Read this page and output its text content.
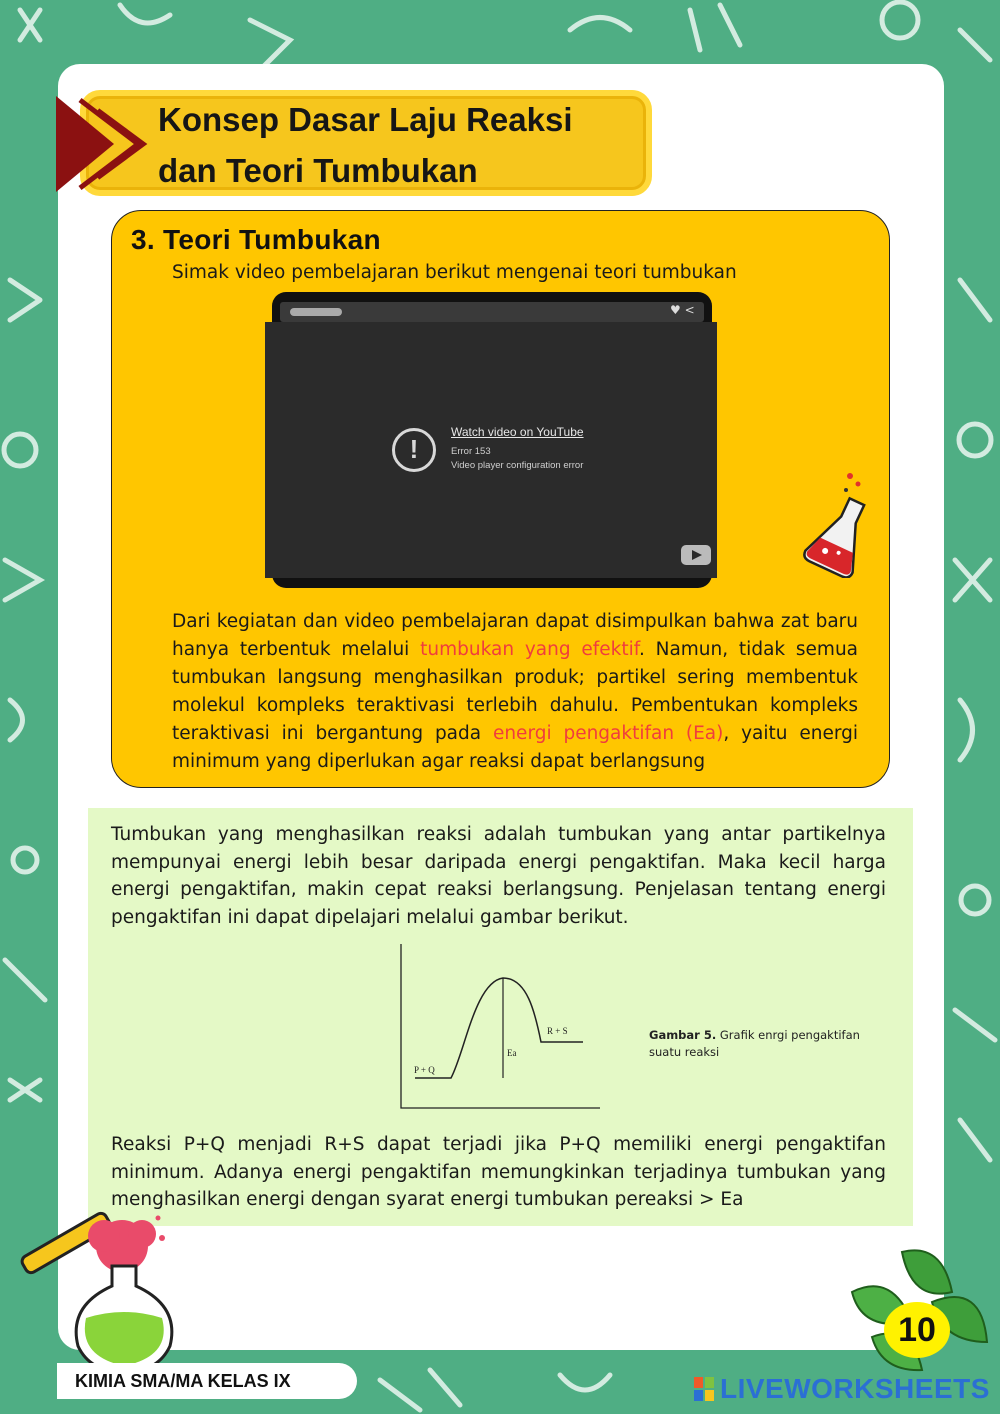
Konsep Dasar Laju Reaksi
dan Teori Tumbukan
3. Teori Tumbukan
Simak video pembelajaran berikut mengenai teori tumbukan
♥ <
!
Watch video on YouTube
Error 153
Video player configuration error
Dari kegiatan dan video pembelajaran dapat disimpulkan bahwa zat baru hanya terbentuk melalui tumbukan yang efektif. Namun, tidak semua tumbukan langsung menghasilkan produk; partikel sering membentuk molekul kompleks teraktivasi terlebih dahulu. Pembentukan kompleks teraktivasi ini bergantung pada energi pengaktifan (Ea), yaitu energi minimum yang diperlukan agar reaksi dapat berlangsung
Tumbukan yang menghasilkan reaksi adalah tumbukan yang antar partikelnya mempunyai energi lebih besar daripada energi pengaktifan. Maka kecil harga energi pengaktifan, makin cepat reaksi berlangsung. Penjelasan tentang energi pengaktifan ini dapat dipelajari melalui gambar berikut.
P + Q
R + S
Ea
Gambar 5. Grafik enrgi pengaktifan suatu reaksi
Reaksi P+Q menjadi R+S dapat terjadi jika P+Q memiliki energi pengaktifan minimum. Adanya energi pengaktifan memungkinkan terjadinya tumbukan yang menghasilkan energi dengan syarat energi tumbukan pereaksi > Ea
KIMIA SMA/MA KELAS IX
10
LIVEWORKSHEETS
